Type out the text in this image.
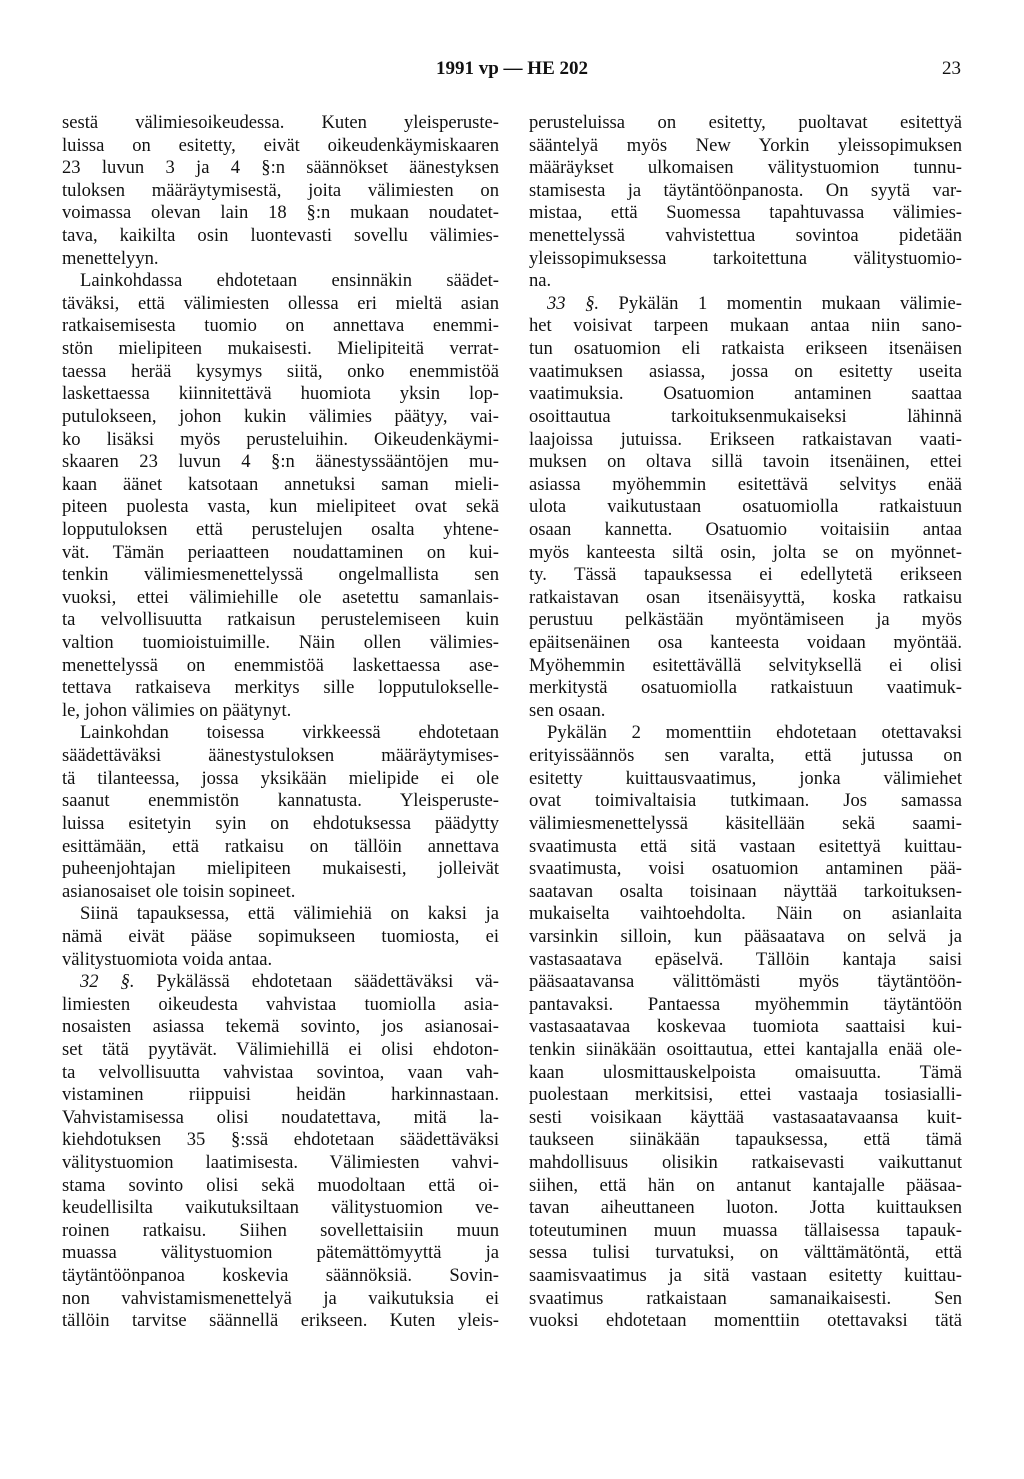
1991 vp — HE 202	23
sestä välimiesoikeudessa. Kuten yleisperuste-
luissa on esitetty, eivät oikeudenkäymiskaaren
23 luvun 3 ja 4 §:n säännökset äänestyksen
tuloksen määräytymisestä, joita välimiesten on
voimassa olevan lain 18 §:n mukaan noudatet-
tava, kaikilta osin luontevasti sovellu välimies-
menettelyyn.
Lainkohdassa ehdotetaan ensinnäkin säädet-
täväksi, että välimiesten ollessa eri mieltä asian
ratkaisemisesta tuomio on annettava enemmi-
stön mielipiteen mukaisesti. Mielipiteitä verrat-
taessa herää kysymys siitä, onko enemmistöä
laskettaessa kiinnitettävä huomiota yksin lop-
putulokseen, johon kukin välimies päätyy, vai-
ko lisäksi myös perusteluihin. Oikeudenkäymi-
skaaren 23 luvun 4 §:n äänestyssääntöjen mu-
kaan äänet katsotaan annetuksi saman mieli-
piteen puolesta vasta, kun mielipiteet ovat sekä
lopputuloksen että perustelujen osalta yhtene-
vät. Tämän periaatteen noudattaminen on kui-
tenkin välimiesmenettelyssä ongelmallista sen
vuoksi, ettei välimiehille ole asetettu samanlais-
ta velvollisuutta ratkaisun perustelemiseen kuin
valtion tuomioistuimille. Näin ollen välimies-
menettelyssä on enemmistöä laskettaessa ase-
tettava ratkaiseva merkitys sille lopputulokselle-
le, johon välimies on päätynyt.
Lainkohdan toisessa virkkeessä ehdotetaan
säädettäväksi äänestystuloksen määräytymises-
tä tilanteessa, jossa yksikään mielipide ei ole
saanut enemmistön kannatusta. Yleisperuste-
luissa esitetyin syin on ehdotuksessa päädytty
esittämään, että ratkaisu on tällöin annettava
puheenjohtajan mielipiteen mukaisesti, jolleivät
asianosaiset ole toisin sopineet.
Siinä tapauksessa, että välimiehiä on kaksi ja
nämä eivät pääse sopimukseen tuomiosta, ei
välitystuomiota voida antaa.
32 §. Pykälässä ehdotetaan säädettäväksi vä-
limiesten oikeudesta vahvistaa tuomiolla asia-
nosaisten asiassa tekemä sovinto, jos asianosai-
set tätä pyytävät. Välimiehillä ei olisi ehdoton-
ta velvollisuutta vahvistaa sovintoa, vaan vah-
vistaminen riippuisi heidän harkinnastaan.
Vahvistamisessa olisi noudatettava, mitä la-
kiehdotuksen 35 §:ssä ehdotetaan säädettäväksi
välitystuomion laatimisesta. Välimiesten vahvi-
stama sovinto olisi sekä muodoltaan että oi-
keudellisilta vaikutuksiltaan välitystuomion ve-
roinen ratkaisu. Siihen sovellettaisiin muun
muassa välitystuomion pätemättömyyttä ja
täytäntöönpanoa koskevia säännöksiä. Sovin-
non vahvistamismenettelyä ja vaikutuksia ei
tällöin tarvitse säännellä erikseen. Kuten yleis-
perusteluissa on esitetty, puoltavat esitettyä
sääntelyä myös New Yorkin yleissopimuksen
määräykset ulkomaisen välitystuomion tunnu-
stamisesta ja täytäntöönpanosta. On syytä var-
mistaa, että Suomessa tapahtuvassa välimies-
menettelyssä vahvistettua sovintoa pidetään
yleissopimuksessa tarkoitettuna välitystuomio-
na.
33 §. Pykälän 1 momentin mukaan välimie-
het voisivat tarpeen mukaan antaa niin sano-
tun osatuomion eli ratkaista erikseen itsenäisen
vaatimuksen asiassa, jossa on esitetty useita
vaatimuksia. Osatuomion antaminen saattaa
osoittautua tarkoituksenmukaiseksi lähinnä
laajoissa jutuissa. Erikseen ratkaistavan vaati-
muksen on oltava sillä tavoin itsenäinen, ettei
asiassa myöhemmin esitettävä selvitys enää
ulota vaikutustaan osatuomiolla ratkaistuun
osaan kannetta. Osatuomio voitaisiin antaa
myös kanteesta siltä osin, jolta se on myönnet-
ty. Tässä tapauksessa ei edellytetä erikseen
ratkaistavan osan itsenäisyyttä, koska ratkaisu
perustuu pelkästään myöntämiseen ja myös
epäitsenäinen osa kanteesta voidaan myöntää.
Myöhemmin esitettävällä selvityksellä ei olisi
merkitystä osatuomiolla ratkaistuun vaatimuk-
sen osaan.
Pykälän 2 momenttiin ehdotetaan otettavaksi
erityissäännös sen varalta, että jutussa on
esitetty kuittausvaatimus, jonka välimiehet
ovat toimivaltaisia tutkimaan. Jos samassa
välimiesmenettelyssä käsitellään sekä saami-
svaatimusta että sitä vastaan esitettyä kuittau-
svaatimusta, voisi osatuomion antaminen pää-
saatavan osalta toisinaan näyttää tarkoituksen-
mukaiselta vaihtoehdolta. Näin on asianlaita
varsinkin silloin, kun pääsaatava on selvä ja
vastasaatava epäselvä. Tällöin kantaja saisi
pääsaatavansa välittömästi myös täytäntöön-
pantavaksi. Pantaessa myöhemmin täytäntöön
vastasaatavaa koskevaa tuomiota saattaisi kui-
tenkin siinäkään osoittautua, ettei kantajalla enää ole-
kaan ulosmittauskelpoista omaisuutta. Tämä
puolestaan merkitsisi, ettei vastaaja tosiasialli-
sesti voisikaan käyttää vastasaatavaansa kuit-
taukseen siinäkään tapauksessa, että tämä
mahdollisuus olisikin ratkaisevasti vaikuttanut
siihen, että hän on antanut kantajalle pääsaa-
tavan aiheuttaneen luoton. Jotta kuittauksen
toteutuminen muun muassa tällaisessa tapauk-
sessa tulisi turvatuksi, on välttämätöntä, että
saamisvaatimus ja sitä vastaan esitetty kuittau-
svaatimus ratkaistaan samanaikaisesti. Sen
vuoksi ehdotetaan momenttiin otettavaksi tätä
